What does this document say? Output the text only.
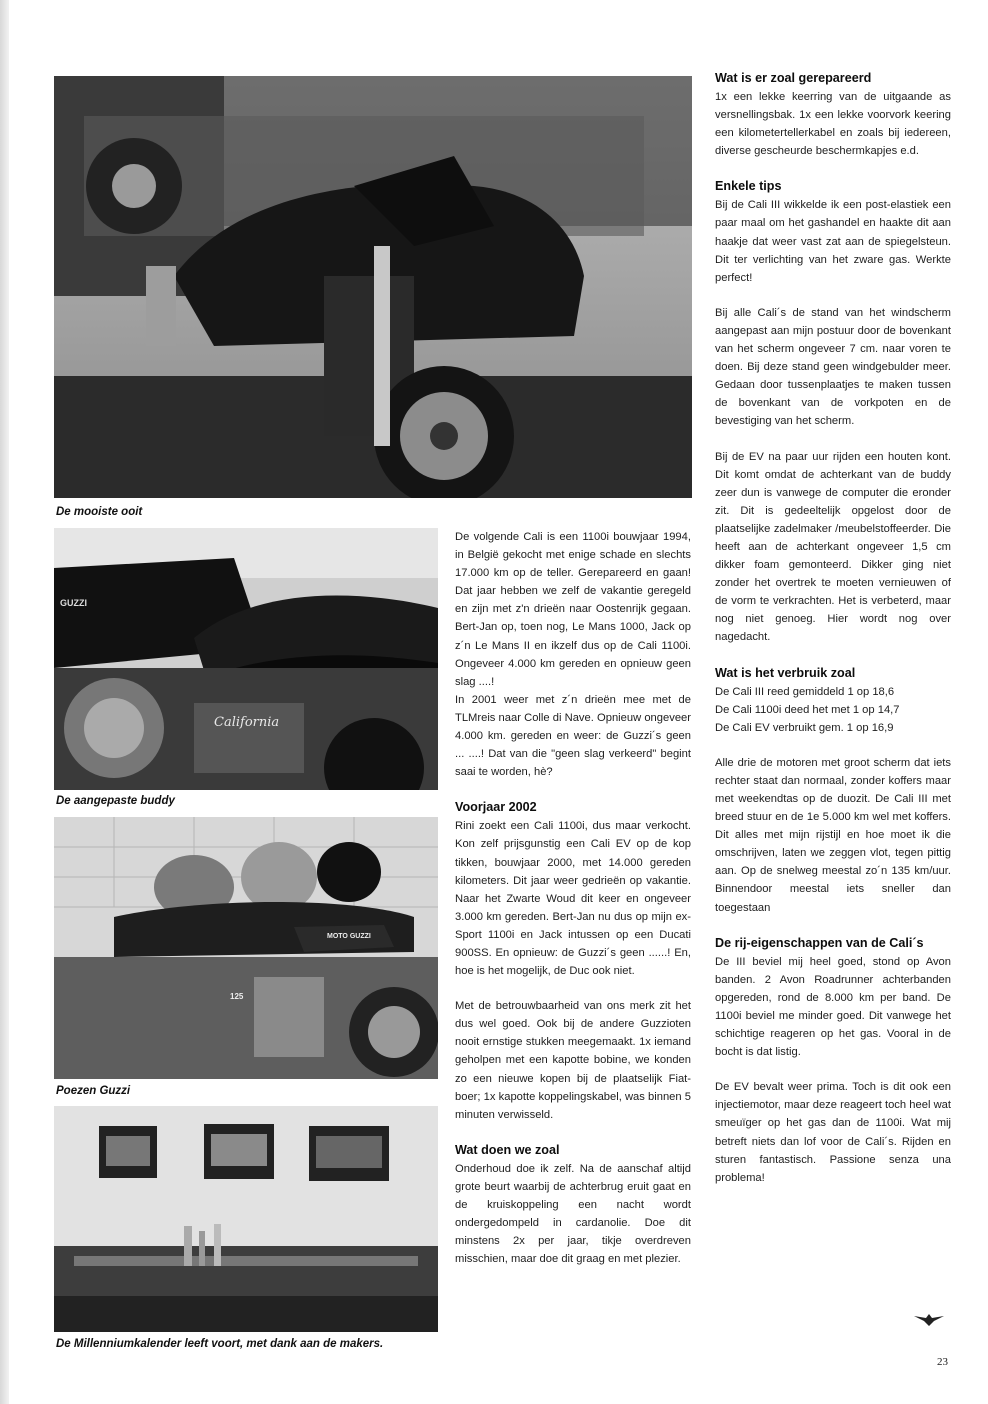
De mooiste ooit
GUZZI
California
De aangepaste buddy
MOTO GUZZI
125
Poezen Guzzi
De Millenniumkalender leeft voort, met dank aan de makers.

De volgende Cali is een 1100i bouwjaar 1994, in België gekocht met enige schade en slechts 17.000 km op de teller. Gerepareerd en gaan! Dat jaar hebben we zelf de vakantie geregeld en zijn met z'n drieën naar Oostenrijk gegaan. Bert-Jan op, toen nog, Le Mans 1000, Jack op z´n Le Mans II en ikzelf dus op de Cali 1100i. Ongeveer 4.000 km gereden en opnieuw geen slag ....!

In 2001 weer met z´n drieën mee met de TLMreis naar Colle di Nave. Opnieuw ongeveer 4.000 km. gereden en weer: de Guzzi´s geen ... ....! Dat van die "geen slag verkeerd" begint saai te worden, hè?

Voorjaar 2002

Rini zoekt een Cali 1100i, dus maar verkocht. Kon zelf prijsgunstig een Cali EV op de kop tikken, bouwjaar 2000, met 14.000 gereden kilometers. Dit jaar weer gedrieën op vakantie. Naar het Zwarte Woud dit keer en ongeveer 3.000 km gereden. Bert-Jan nu dus op mijn ex-Sport 1100i en Jack intussen op een Ducati 900SS. En opnieuw: de Guzzi´s geen ......! En, hoe is het mogelijk, de Duc ook niet.

Met de betrouwbaarheid van ons merk zit het dus wel goed. Ook bij de andere Guzzioten nooit ernstige stukken meegemaakt. 1x iemand geholpen met een kapotte bobine, we konden zo een nieuwe kopen bij de plaatselijk Fiat-boer; 1x kapotte koppelingskabel, was binnen 5 minuten verwisseld.

Wat doen we zoal

Onderhoud doe ik zelf. Na de aanschaf altijd grote beurt waarbij de achterbrug eruit gaat en de kruiskoppeling een nacht wordt ondergedompeld in cardanolie. Doe dit minstens 2x per jaar, tikje overdreven misschien, maar doe dit graag en met plezier.

Wat is er zoal gerepareerd

1x een lekke keerring van de uitgaande as versnellingsbak. 1x een lekke voorvork keering een kilometertellerkabel en zoals bij iedereen, diverse gescheurde beschermkapjes e.d.

Enkele tips

Bij de Cali III wikkelde ik een post-elastiek een paar maal om het gashandel en haakte dit aan haakje dat weer vast zat aan de spiegelsteun. Dit ter verlichting van het zware gas. Werkte perfect!

Bij alle Cali´s de stand van het windscherm aangepast aan mijn postuur door de bovenkant van het scherm ongeveer 7 cm. naar voren te doen. Bij deze stand geen windgebulder meer. Gedaan door tussenplaatjes te maken tussen de bovenkant van de vorkpoten en de bevestiging van het scherm.

Bij de EV na paar uur rijden een houten kont. Dit komt omdat de achterkant van de buddy zeer dun is vanwege de computer die eronder zit. Dit is gedeeltelijk opgelost door de plaatselijke zadelmaker /meubelstoffeerder. Die heeft aan de achterkant ongeveer 1,5 cm dikker foam gemonteerd. Dikker ging niet zonder het overtrek te moeten vernieuwen of de vorm te verkrachten. Het is verbeterd, maar nog niet genoeg. Hier wordt nog over nagedacht.

Wat is het verbruik zoal
De Cali III reed gemiddeld 1 op 18,6
De Cali 1100i deed het met 1 op 14,7
De Cali EV verbruikt gem. 1 op 16,9

Alle drie de motoren met groot scherm dat iets rechter staat dan normaal, zonder koffers maar met weekendtas op de duozit. De Cali III met breed stuur en de 1e 5.000 km wel met koffers. Dit alles met mijn rijstijl en hoe moet ik die omschrijven, laten we zeggen vlot, tegen pittig aan. Op de snelweg meestal zo´n 135 km/uur. Binnendoor meestal iets sneller dan toegestaan

De rij-eigenschappen van de Cali´s

De III beviel mij heel goed, stond op Avon banden. 2 Avon Roadrunner achterbanden opgereden, rond de 8.000 km per band. De 1100i beviel me minder goed. Dit vanwege het schichtige reageren op het gas. Vooral in de bocht is dat listig.

De EV bevalt weer prima. Toch is dit ook een injectiemotor, maar deze reageert toch heel wat smeuïger op het gas dan de 1100i. Wat mij betreft niets dan lof voor de Cali´s. Rijden en sturen fantastisch. Passione senza una problema!

23
